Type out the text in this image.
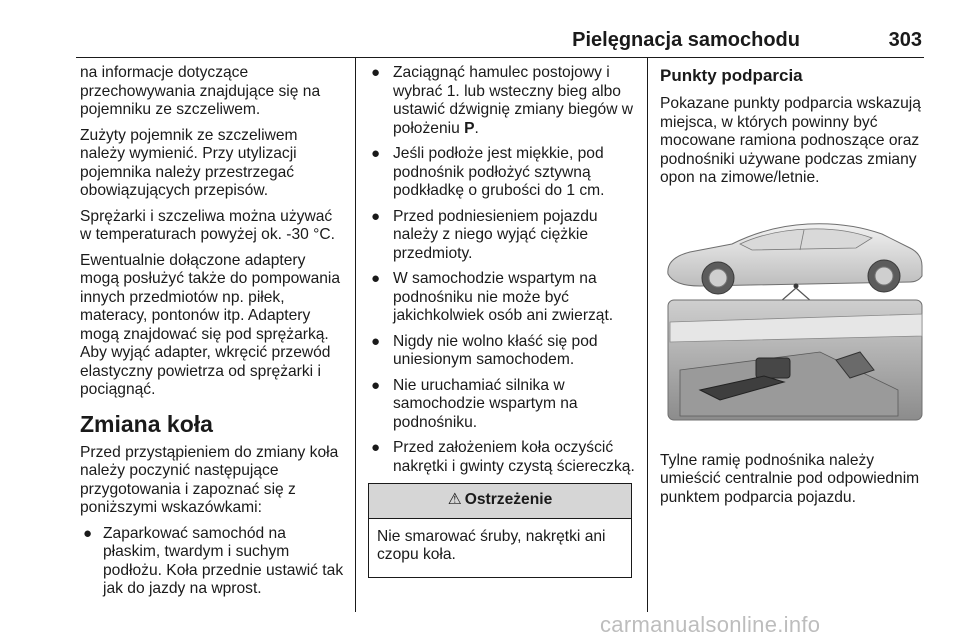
Pielęgnacja samochodu	303

na informacje dotyczące przechowywania znajdujące się na pojemniku ze szczeliwem.

Zużyty pojemnik ze szczeliwem należy wymienić. Przy utylizacji pojemnika należy przestrzegać obowiązujących przepisów.

Sprężarki i szczeliwa można używać w temperaturach powyżej ok. -30 °C.

Ewentualnie dołączone adaptery mogą posłużyć także do pompowania innych przedmiotów np. piłek, materacy, pontonów itp. Adaptery mogą znajdować się pod sprężarką. Aby wyjąć adapter, wkręcić przewód elastyczny powietrza od sprężarki i pociągnąć.

Zmiana koła

Przed przystąpieniem do zmiany koła należy poczynić następujące przygotowania i zapoznać się z poniższymi wskazówkami:

● Zaparkować samochód na płaskim, twardym i suchym podłożu. Koła przednie ustawić tak jak do jazdy na wprost.
● Zaciągnąć hamulec postojowy i wybrać 1. lub wsteczny bieg albo ustawić dźwignię zmiany biegów w położeniu P.
● Jeśli podłoże jest miękkie, pod podnośnik podłożyć sztywną podkładkę o grubości do 1 cm.
● Przed podniesieniem pojazdu należy z niego wyjąć ciężkie przedmioty.
● W samochodzie wspartym na podnośniku nie może być jakichkolwiek osób ani zwierząt.
● Nigdy nie wolno kłaść się pod uniesionym samochodem.
● Nie uruchamiać silnika w samochodzie wspartym na podnośniku.
● Przed założeniem koła oczyścić nakrętki i gwinty czystą ściereczką.
⚠ Ostrzeżenie
Nie smarować śruby, nakrętki ani czopu koła.
Punkty podparcia

Pokazane punkty podparcia wskazują miejsca, w których powinny być mocowane ramiona podnoszące oraz podnośniki używane podczas zmiany opon na zimowe/letnie.

Tylne ramię podnośnika należy umieścić centralnie pod odpowiednim punktem podparcia pojazdu.

carmanualsonline.info
